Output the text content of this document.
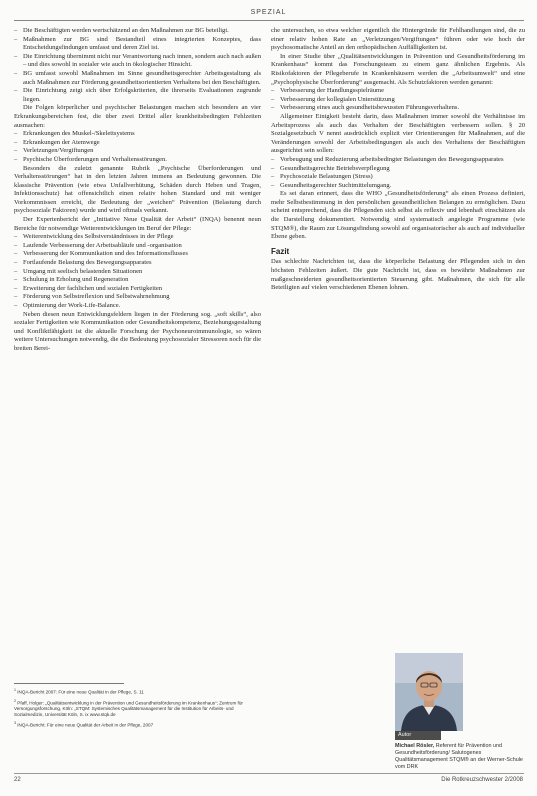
SPEZIAL
– Die Beschäftigten werden wertschätzend an den Maßnahmen zur BG beteiligt.
– Maßnahmen zur BG sind Bestandteil eines integrierten Konzeptes, dass Entscheidungsfindungen umfasst und deren Ziel ist.
– Die Einrichtung übernimmt nicht nur Verantwortung nach innen, sondern auch nach außen – und dies sowohl in sozialer wie auch in ökologischer Hinsicht.
– BG umfasst sowohl Maßnahmen im Sinne gesundheitsgerechter Arbeitsgestaltung als auch Maßnahmen zur Förderung gesundheitsorientierten Verhaltens bei den Beschäftigten.
– Die Einrichtung zeigt sich über Erfolgskriterien, die ihrerseits Evaluationen zugrunde liegen.

Die Folgen körperlicher und psychischer Belastungen machen sich besonders an vier Erkrankungsbereichen fest, die über zwei Drittel aller krankheitsbedingten Fehlzeiten ausmachen:

– Erkrankungen des Muskel-/Skelettsystems
– Erkrankungen der Atemwege
– Verletzungen/Vergiftungen
– Psychische Überforderungen und Verhaltensstörungen.

Besonders die zuletzt genannte Rubrik „Psychische Überforderungen und Verhaltensstörungen“ hat in den letzten Jahren immens an Bedeutung gewonnen. Die klassische Prävention (wie etwa Unfallverhütung, Schäden durch Heben und Tragen, Infektionsschutz) hat offensichtlich einen relativ hohen Standard und mit weniger Vorkommnissen erreicht, die Bedeutung der „weichen“ Prävention (Belastung durch psychosoziale Faktoren) wurde und wird oftmals verkannt.

Der Expertenbericht der „Initiative Neue Qualität der Arbeit“ (INQA) benennt neun Bereiche für notwendige Weiterentwicklungen im Beruf der Pflege:

– Weiterentwicklung des Selbstverständnisses in der Pflege
– Laufende Verbesserung der Arbeitsabläufe und -organisation
– Verbesserung der Kommunikation und des Informationsflusses
– Fortlaufende Belastung des Bewegungsapparates
– Umgang mit seelisch belastenden Situationen
– Schulung in Erholung und Regeneration
– Erweiterung der fachlichen und sozialen Fertigkeiten
– Förderung von Selbstreflexion und Selbstwahrnehmung
– Optimierung der Work-Life-Balance.

Neben diesen neun Entwicklungsfeldern liegen in der Förderung sog. „soft skills“, also sozialer Fertigkeiten wie Kommunikation oder Gesundheitskompetenz, Beziehungsgestaltung und Konfliktfähigkeit ist die aktuelle Forschung der Psychoneuroimmunologie, so wären weitere Untersuchungen notwendig, die die Bedeutung psychosozialer Stressoren noch für die breiten Berei-

che untersuchen, so etwa welcher eigentlich die Hintergründe für Fehlhandlungen sind, die zu einer relativ hohen Rate an „Verletzungen/Vergiftungen“ führen oder wie hoch der psychosomatische Anteil an den orthopädischen Auffälligkeiten ist.

In einer Studie über „Qualitätsentwicklungen in Prävention und Gesundheitsförderung im Krankenhaus“ kommt das Forschungsteam zu einem ganz ähnlichen Ergebnis. Als Risikofaktoren der Pflegeberufe in Krankenhäusern werden die „Arbeitsumwelt“ und eine „Psychophysische Überforderung“ ausgemacht. Als Schutzfaktoren werden genannt:

– Verbesserung der Handlungsspielräume
– Verbesserung der kollegialen Unterstützung
– Verbesserung eines auch gesundheitsbewussten Führungsverhaltens.

Allgemeiner Einigkeit besteht darin, dass Maßnahmen immer sowohl die Verhältnisse im Arbeitsprozess als auch das Verhalten der Beschäftigten verbessern sollen. § 20 Sozialgesetzbuch V nennt ausdrücklich explizit vier Orientierungen für Maßnahmen, auf die Veränderungen sowohl der Arbeitsbedingungen als auch des Verhaltens der Beschäftigten ausgerichtet sein sollen:

– Vorbeugung und Reduzierung arbeitsbedingter Belastungen des Bewegungsapparates
– Gesundheitsgerechte Betriebsverpflegung
– Psychosoziale Belastungen (Stress)
– Gesundheitsgerechter Suchtmittelumgang.

Es sei daran erinnert, dass die WHO „Gesundheitsförderung“ als einen Prozess definiert, mehr Selbstbestimmung in den persönlichen gesundheitlichen Belangen zu ermöglichen. Dazu scheint entsprechend, dass die Pflegenden sich selbst als reflexiv und lebenhaft einschätzen als die Darstellung dokumentiert. Notwendig sind systematisch angelegte Programme (wie STQM®), die Raum zur Lösungsfindung sowohl auf organisatorischer als auch auf individueller Ebene geben.

Fazit

Das schlechte Nachrichten ist, dass die körperliche Belastung der Pflegenden sich in den höchsten Fehlzeiten äußert. Die gute Nachricht ist, dass es bewährte Maßnahmen zur maßgeschneiderten gesundheitsorientierten Steuerung gibt. Maßnahmen, die sich für alle Beteiligten auf vielen verschiedenen Ebenen lohnen.

$^1$ INQA-Bericht 2007: Für eine neue Qualität in der Pflege, S. 11
$^2$ Pfaff, Holger: „Qualitätsentwicklung in der Prävention und Gesundheitsförderung im Krankenhaus“; Zentrum für Versorgungsforschung, Köln: „STQM: Systemisches Qualitätsmanagement für die Institution für Arbeits- und Sozialmedizin, Universität Köln, S. ix www.stqk.de
$^3$ INQA-Bericht: Für eine neue Qualität der Arbeit in der Pflege, 2007
Autor
Michael Rösler, Referent für Prävention und Gesundheitsförderung/ Salutogenes Qualitätsmanagement STQM® an der Werner-Schule vom DRK
22	Die Rotkreuzschwester 2/2008
